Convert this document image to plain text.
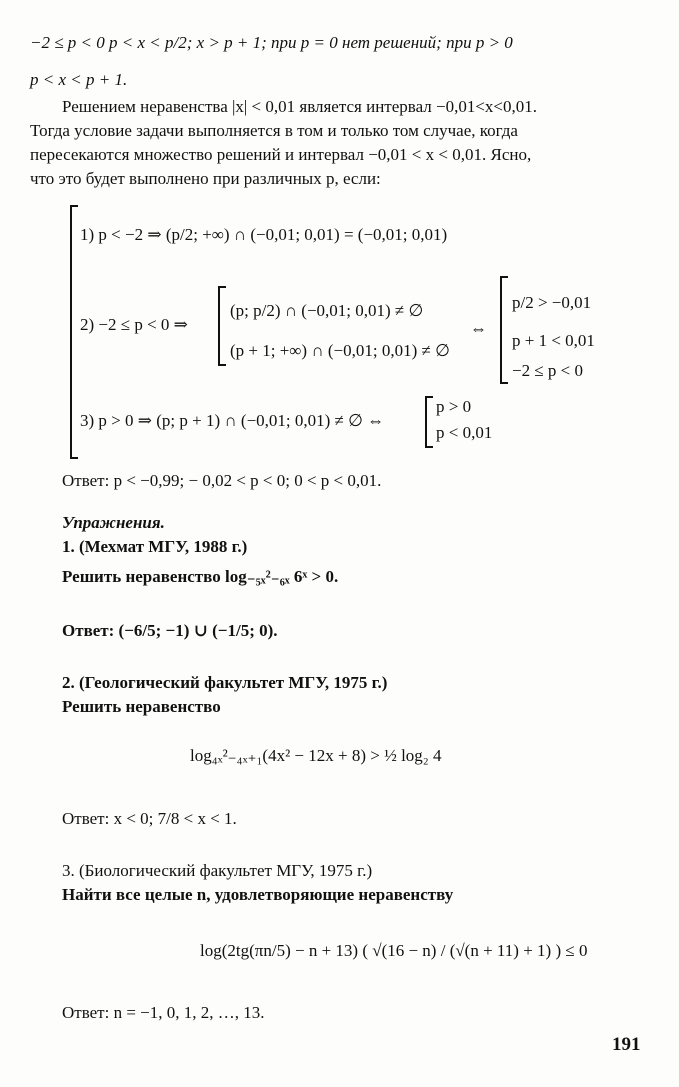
−2 ≤ p < 0 p < x < p/2; x > p + 1; при p = 0 нет решений; при p > 0
p < x < p + 1.
Решением неравенства |x| < 0,01 является интервал −0,01<x<0,01.
Тогда условие задачи выполняется в том и только том случае, когда
пересекаются множество решений и интервал −0,01 < x < 0,01. Ясно,
что это будет выполнено при различных p, если:
1) p < −2 ⇒ (p/2; +∞) ∩ (−0,01; 0,01) = (−0,01; 0,01)
2) −2 ≤ p < 0 ⇒
(p; p/2) ∩ (−0,01; 0,01) ≠ ∅
(p + 1; +∞) ∩ (−0,01; 0,01) ≠ ∅
⇔
p/2 > −0,01
p + 1 < 0,01
−2 ≤ p < 0
3) p > 0 ⇒ (p; p + 1) ∩ (−0,01; 0,01) ≠ ∅ ⇔
p > 0
p < 0,01
Ответ: p < −0,99; − 0,02 < p < 0; 0 < p < 0,01.
Упражнения.
1. (Мехмат МГУ, 1988 г.)
Решить неравенство log₋₅ₓ²₋₆ₓ 6ˣ > 0.
Ответ: (−6/5; −1) ∪ (−1/5; 0).
2. (Геологический факультет МГУ, 1975 г.)
Решить неравенство
log₄ₓ²₋₄ₓ₊₁(4x² − 12x + 8) > ½ log₂ 4
Ответ: x < 0; 7/8 < x < 1.
3. (Биологический факультет МГУ, 1975 г.)
Найти все целые n, удовлетворяющие неравенству
log(2tg(πn/5) − n + 13) ( √(16 − n) / (√(n + 11) + 1) ) ≤ 0
Ответ: n = −1, 0, 1, 2, …, 13.
191
